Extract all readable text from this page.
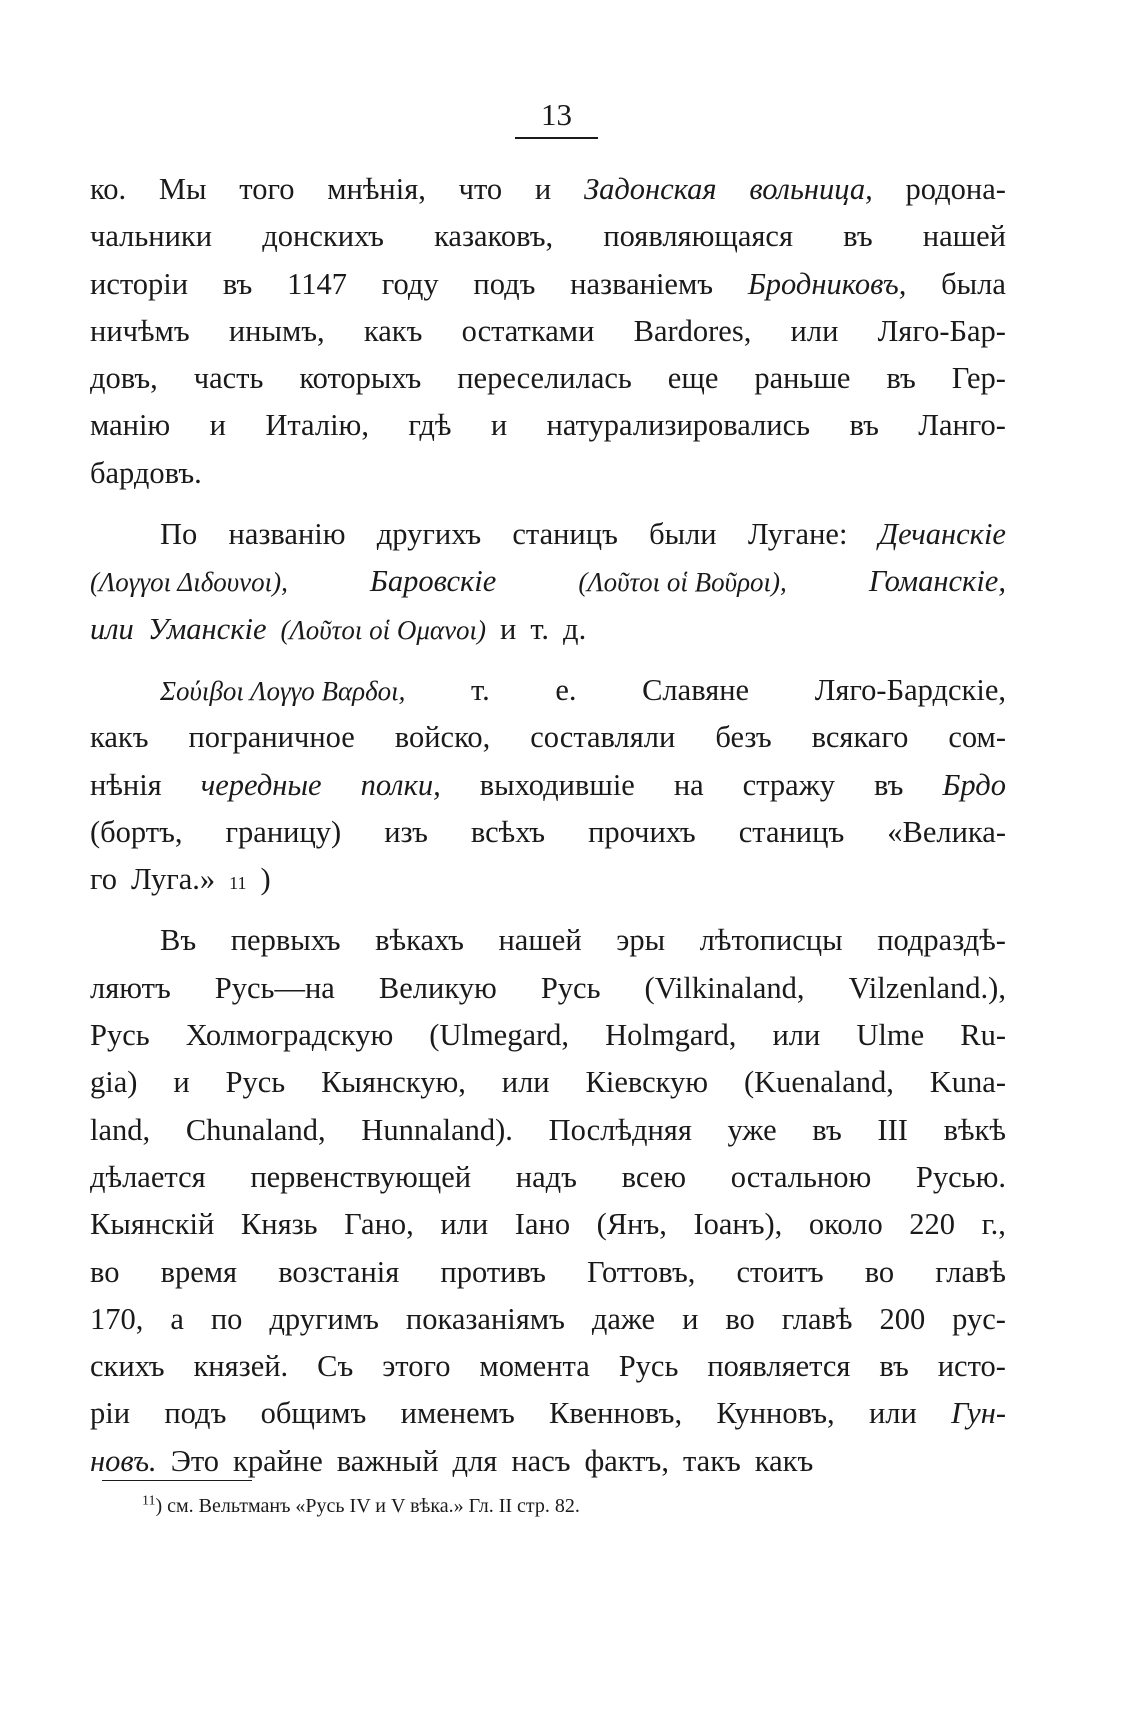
13
ко. Мы того мнѣнія, что и Задонская вольница, родона-
чальники донскихъ казаковъ, появляющаяся въ нашей
исторіи въ 1147 году подъ названіемъ Бродниковъ, была
ничѣмъ инымъ, какъ остатками Bardores, или Ляго-Бар-
довъ, часть которыхъ переселилась еще раньше въ Гер-
манію и Италію, гдѣ и натурализировались въ Ланго-
бардовъ.
По названію другихъ станицъ были Лугане: Дечанскіе
(Λογγοι Διδουνοι),	Баровскіе	(Λοῦτοι οἱ Βοῦροι),	Гоманскіе,
или Уманскіе (Λοῦτοι οἱ Ομανοι) и т. д.
Σούιβοι Λογγο Βαρδοι, т. е. Славяне Ляго-Бардскіе,
какъ пограничное войско, составляли безъ всякаго сом-
нѣнія чередные полки, выходившіе на стражу въ Брдо
(бортъ, границу) изъ всѣхъ прочихъ станицъ «Велика-
го Луга.» 11 )
Въ первыхъ вѣкахъ нашей эры лѣтописцы подраздѣ-
ляютъ Русь—на Великую Русь (Vilkinaland, Vilzenland.),
Русь Холмоградскую (Ulmegard, Holmgard, или Ulme Ru-
gia) и Русь Кыянскую, или Кіевскую (Kuenaland, Kuna-
land, Chunaland, Hunnaland). Послѣдняя уже въ III вѣкѣ
дѣлается первенствующей надъ всею остальною Русью.
Кыянскій Князь Гано, или Іано (Янъ, Іоанъ), около 220 г.,
во время возстанія противъ Готтовъ, стоитъ во главѣ
170, а по другимъ показаніямъ даже и во главѣ 200 рус-
скихъ князей. Съ этого момента Русь появляется въ исто-
ріи подъ общимъ именемъ Квенновъ, Кунновъ, или Гун-
новъ. Это крайне важный для насъ фактъ, такъ какъ
$^{11}$) см. Вельтманъ «Русь IV и V вѣка.» Гл. II стр. 82.
